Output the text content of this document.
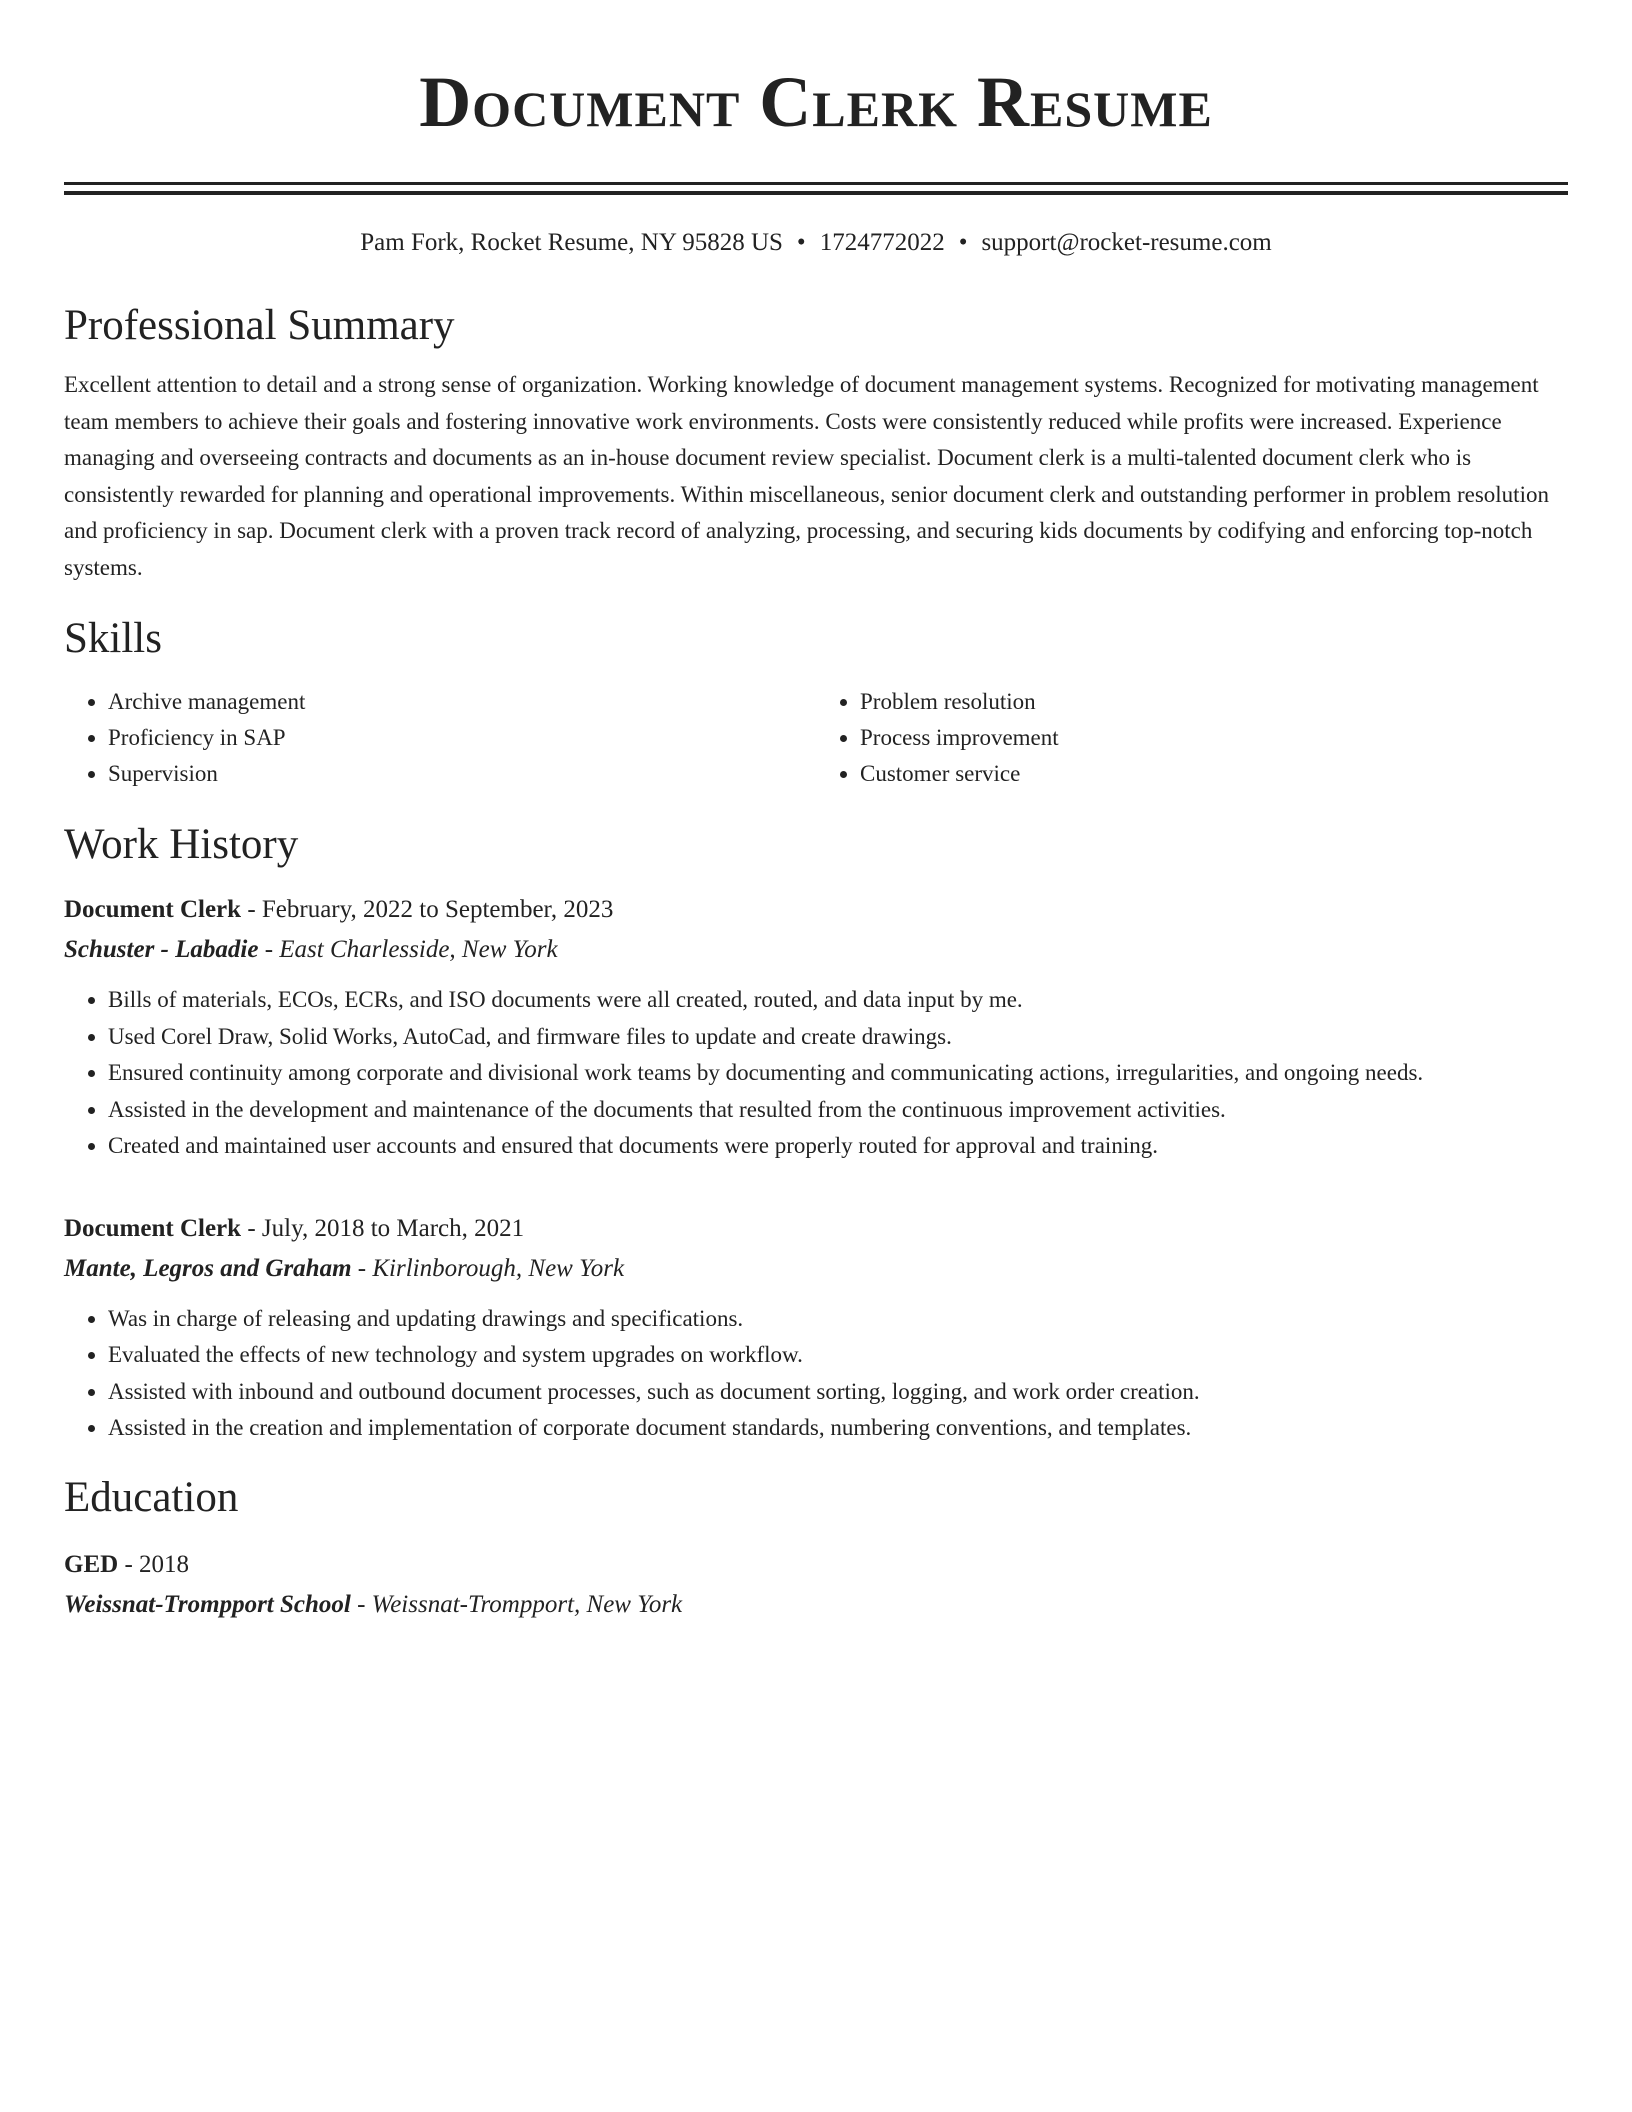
Document Clerk Resume
Pam Fork, Rocket Resume, NY 95828 US • 1724772022 • support@rocket-resume.com
Professional Summary

Excellent attention to detail and a strong sense of organization. Working knowledge of document management systems. Recognized for motivating management team members to achieve their goals and fostering innovative work environments. Costs were consistently reduced while profits were increased. Experience managing and overseeing contracts and documents as an in-house document review specialist. Document clerk is a multi-talented document clerk who is consistently rewarded for planning and operational improvements. Within miscellaneous, senior document clerk and outstanding performer in problem resolution and proficiency in sap. Document clerk with a proven track record of analyzing, processing, and securing kids documents by codifying and enforcing top-notch systems.

Skills
• Archive management
• Proficiency in SAP
• Supervision
• Problem resolution
• Process improvement
• Customer service
Work History
Document Clerk - February, 2022 to September, 2023
Schuster - Labadie - East Charlesside, New York
• Bills of materials, ECOs, ECRs, and ISO documents were all created, routed, and data input by me.
• Used Corel Draw, Solid Works, AutoCad, and firmware files to update and create drawings.
• Ensured continuity among corporate and divisional work teams by documenting and communicating actions, irregularities, and ongoing needs.
• Assisted in the development and maintenance of the documents that resulted from the continuous improvement activities.
• Created and maintained user accounts and ensured that documents were properly routed for approval and training.
Document Clerk - July, 2018 to March, 2021
Mante, Legros and Graham - Kirlinborough, New York
• Was in charge of releasing and updating drawings and specifications.
• Evaluated the effects of new technology and system upgrades on workflow.
• Assisted with inbound and outbound document processes, such as document sorting, logging, and work order creation.
• Assisted in the creation and implementation of corporate document standards, numbering conventions, and templates.
Education
GED - 2018
Weissnat-Trompport School - Weissnat-Trompport, New York
